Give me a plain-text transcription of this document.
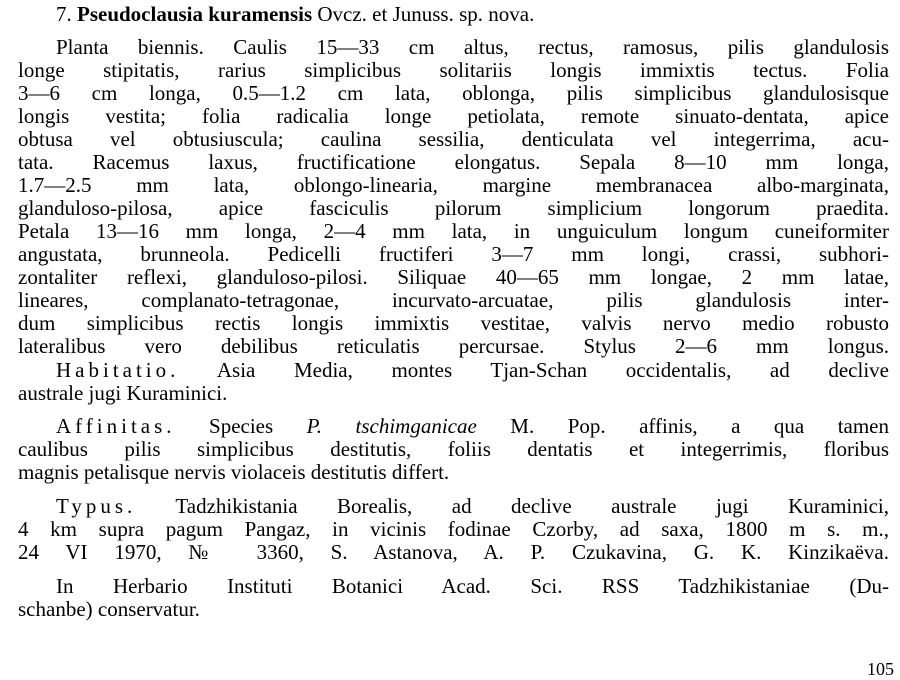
7. Pseudoclausia kuramensis Ovcz. et Junuss. sp. nova.
Planta biennis. Caulis 15—33 cm altus, rectus, ramosus, pilis glandulosis
longe stipitatis, rarius simplicibus solitariis longis immixtis tectus. Folia
3—6 cm longa, 0.5—1.2 cm lata, oblonga, pilis simplicibus glandulosisque
longis vestita; folia radicalia longe petiolata, remote sinuato-dentata, apice
obtusa vel obtusiuscula; caulina sessilia, denticulata vel integerrima, acu-
tata. Racemus laxus, fructificatione elongatus. Sepala 8—10 mm longa,
1.7—2.5 mm lata, oblongo-linearia, margine membranacea albo-marginata,
glanduloso-pilosa, apice fasciculis pilorum simplicium longorum praedita.
Petala 13—16 mm longa, 2—4 mm lata, in unguiculum longum cuneiformiter
angustata, brunneola. Pedicelli fructiferi 3—7 mm longi, crassi, subhori-
zontaliter reflexi, glanduloso-pilosi. Siliquae 40—65 mm longae, 2 mm latae,
lineares, complanato-tetragonae, incurvato-arcuatae, pilis glandulosis inter-
dum simplicibus rectis longis immixtis vestitae, valvis nervo medio robusto
lateralibus vero debilibus reticulatis percursae. Stylus 2—6 mm longus.
Habitatio. Asia Media, montes Tjan-Schan occidentalis, ad declive
australe jugi Kuraminici.
Affinitas. Species P. tschimganicae M. Pop. affinis, a qua tamen
caulibus pilis simplicibus destitutis, foliis dentatis et integerrimis, floribus
magnis petalisque nervis violaceis destitutis differt.
Typus. Tadzhikistania Borealis, ad declive australe jugi Kuraminici,
4 km supra pagum Pangaz, in vicinis fodinae Czorby, ad saxa, 1800 m s. m.,
24 VI 1970, № 3360, S. Astanova, A. P. Czukavina, G. K. Kinzikaëva.
In Herbario Instituti Botanici Acad. Sci. RSS Tadzhikistaniae (Du-
schanbe) conservatur.
105
